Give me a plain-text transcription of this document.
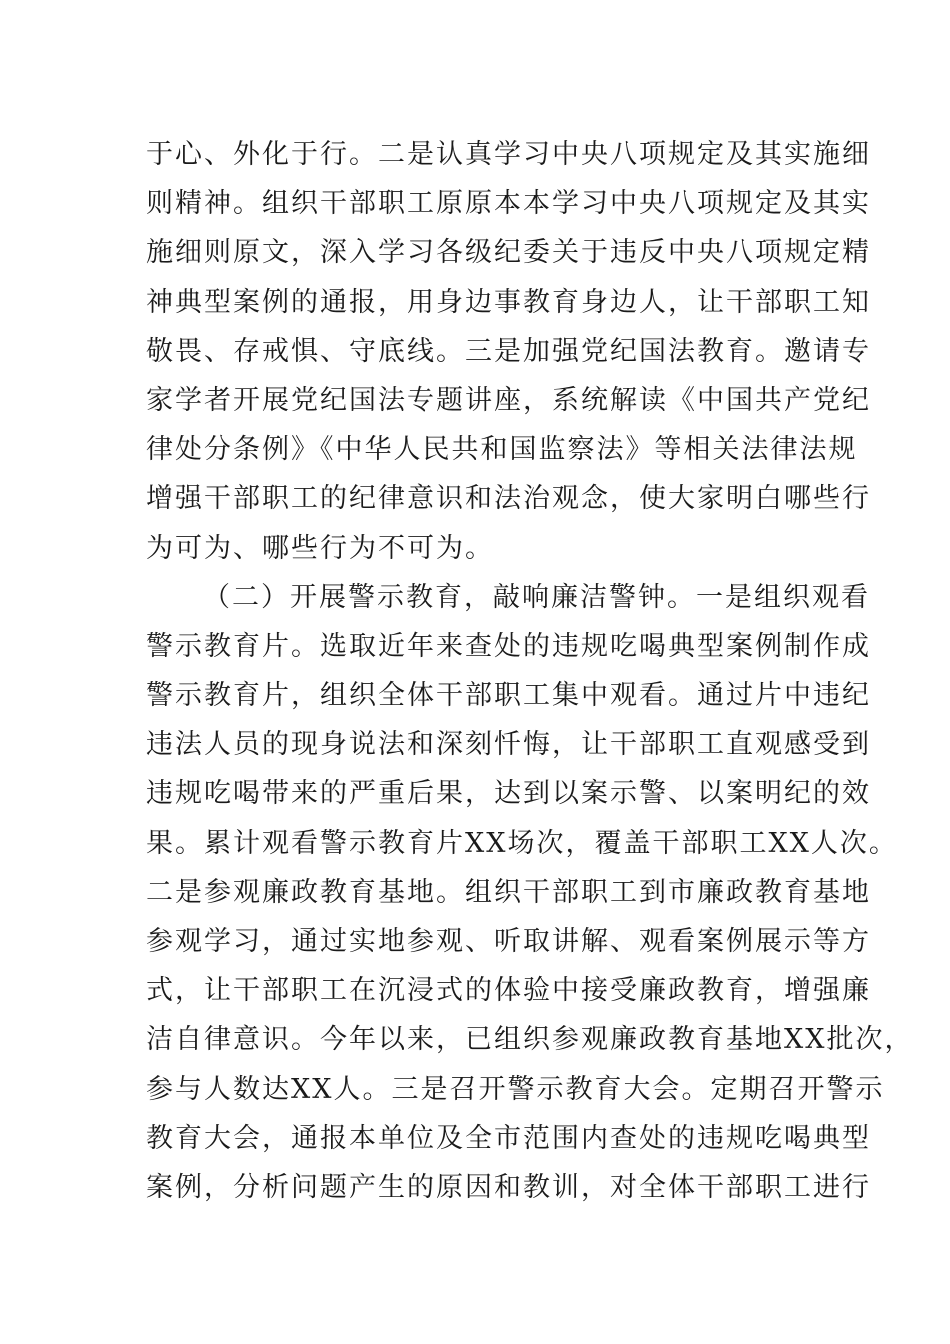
于心、外化于行。二是认真学习中央八项规定及其实施细
则精神。组织干部职工原原本本学习中央八项规定及其实
施细则原文，深入学习各级纪委关于违反中央八项规定精
神典型案例的通报，用身边事教育身边人，让干部职工知
敬畏、存戒惧、守底线。三是加强党纪国法教育。邀请专
家学者开展党纪国法专题讲座，系统解读《中国共产党纪
律处分条例》《中华人民共和国监察法》等相关法律法规
增强干部职工的纪律意识和法治观念，使大家明白哪些行
为可为、哪些行为不可为。
（二）开展警示教育，敲响廉洁警钟。一是组织观看
警示教育片。选取近年来查处的违规吃喝典型案例制作成
警示教育片，组织全体干部职工集中观看。通过片中违纪
违法人员的现身说法和深刻忏悔，让干部职工直观感受到
违规吃喝带来的严重后果，达到以案示警、以案明纪的效
果。累计观看警示教育片XX场次，覆盖干部职工XX人次。
二是参观廉政教育基地。组织干部职工到市廉政教育基地
参观学习，通过实地参观、听取讲解、观看案例展示等方
式，让干部职工在沉浸式的体验中接受廉政教育，增强廉
洁自律意识。今年以来，已组织参观廉政教育基地XX批次，
参与人数达XX人。三是召开警示教育大会。定期召开警示
教育大会，通报本单位及全市范围内查处的违规吃喝典型
案例，分析问题产生的原因和教训，对全体干部职工进行
